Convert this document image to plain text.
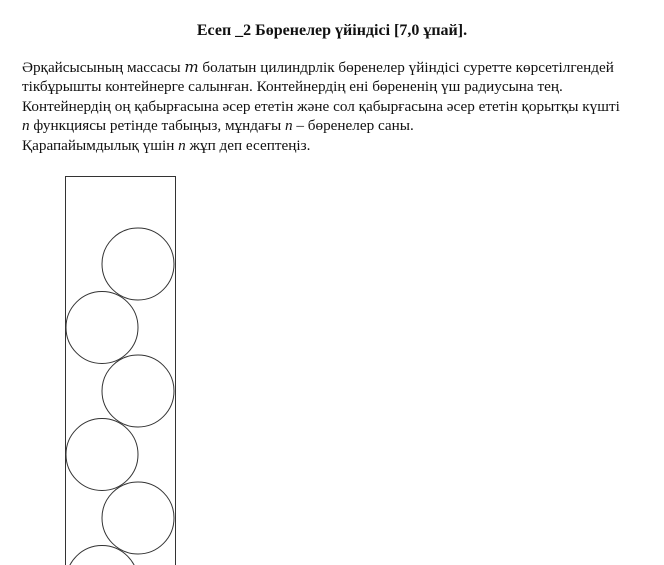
Есеп _2 Бөренелер үйіндісі [7,0 ұпай].

Әрқайсысының массасы m болатын цилиндрлік бөренелер үйіндісі суретте көрсетілгендей
тікбұрышты контейнерге салынған. Контейнердің ені бөрененің үш радиусына тең.
Контейнердің оң қабырғасына әсер ететін және сол қабырғасына әсер ететін қорытқы күшті
n функциясы ретінде табыңыз, мұндағы n – бөренелер саны.
Қарапайымдылық үшін n жұп деп есептеңіз.
